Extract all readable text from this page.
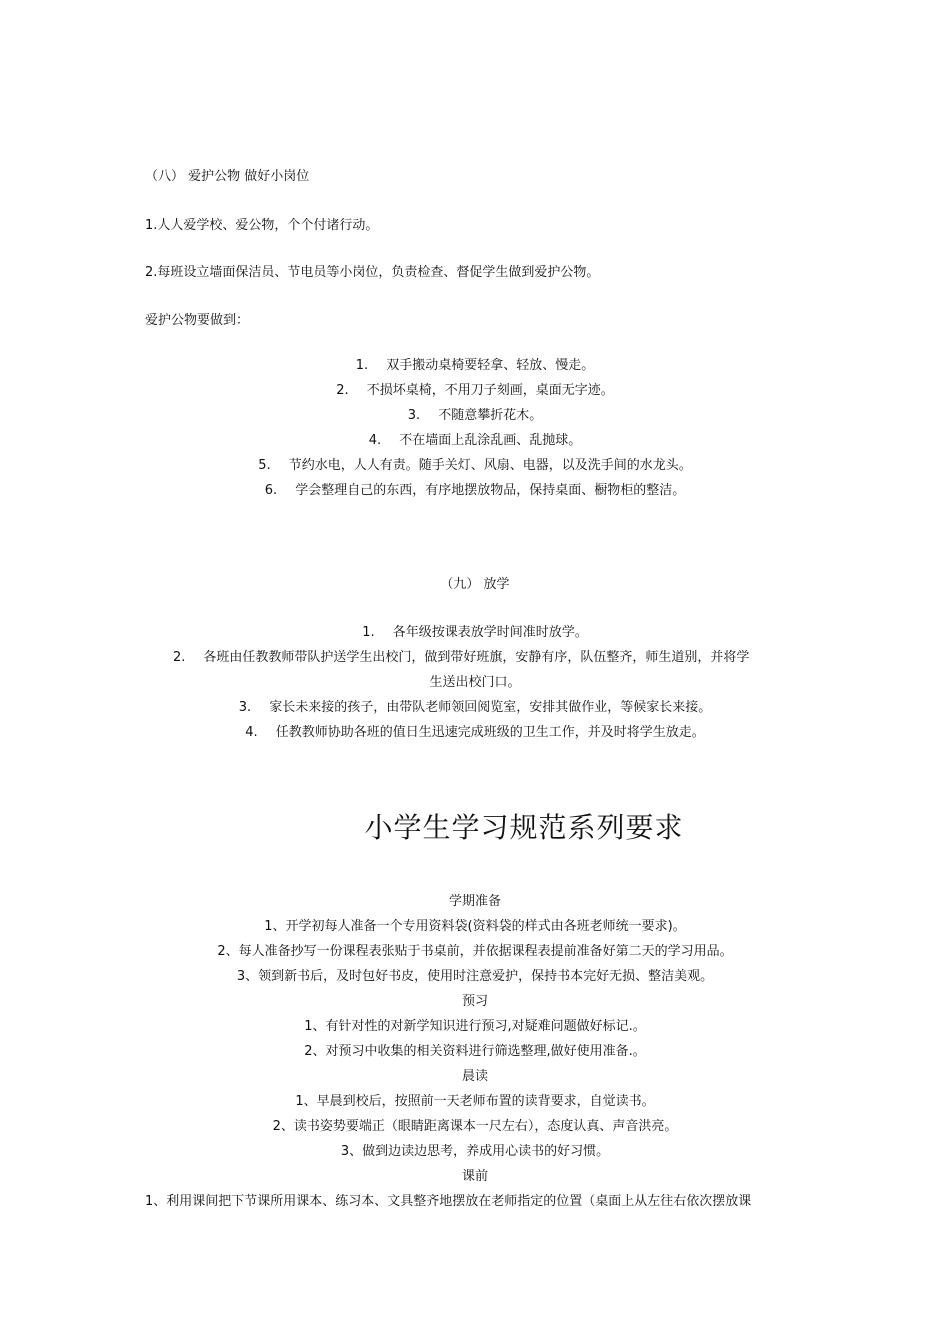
（八） 爱护公物 做好小岗位
1.人人爱学校、爱公物，个个付诸行动。
2.每班设立墙面保洁员、节电员等小岗位，负责检查、督促学生做到爱护公物。
爱护公物要做到：
1. 双手搬动桌椅要轻拿、轻放、慢走。
2. 不损坏桌椅，不用刀子刻画，桌面无字迹。
3. 不随意攀折花木。
4. 不在墙面上乱涂乱画、乱抛球。
5. 节约水电，人人有责。随手关灯、风扇、电器，以及洗手间的水龙头。
6. 学会整理自己的东西，有序地摆放物品，保持桌面、橱物柜的整洁。
（九） 放学
1. 各年级按课表放学时间准时放学。
2. 各班由任教教师带队护送学生出校门，做到带好班旗，安静有序，队伍整齐，师生道别，并将学
生送出校门口。
3. 家长未来接的孩子，由带队老师领回阅览室，安排其做作业，等候家长来接。
4. 任教教师协助各班的值日生迅速完成班级的卫生工作，并及时将学生放走。
小学生学习规范系列要求
学期准备
1、开学初每人准备一个专用资料袋(资料袋的样式由各班老师统一要求)。
2、每人准备抄写一份课程表张贴于书桌前，并依据课程表提前准备好第二天的学习用品。
3、领到新书后，及时包好书皮，使用时注意爱护，保持书本完好无损、整洁美观。
预习
1、有针对性的对新学知识进行预习,对疑难问题做好标记.。
2、对预习中收集的相关资料进行筛选整理,做好使用准备.。
晨读
1、早晨到校后，按照前一天老师布置的读背要求，自觉读书。
2、读书姿势要端正（眼睛距离课本一尺左右），态度认真、声音洪亮。
3、做到边读边思考，养成用心读书的好习惯。
课前
1、利用课间把下节课所用课本、练习本、文具整齐地摆放在老师指定的位置（桌面上从左往右依次摆放课
